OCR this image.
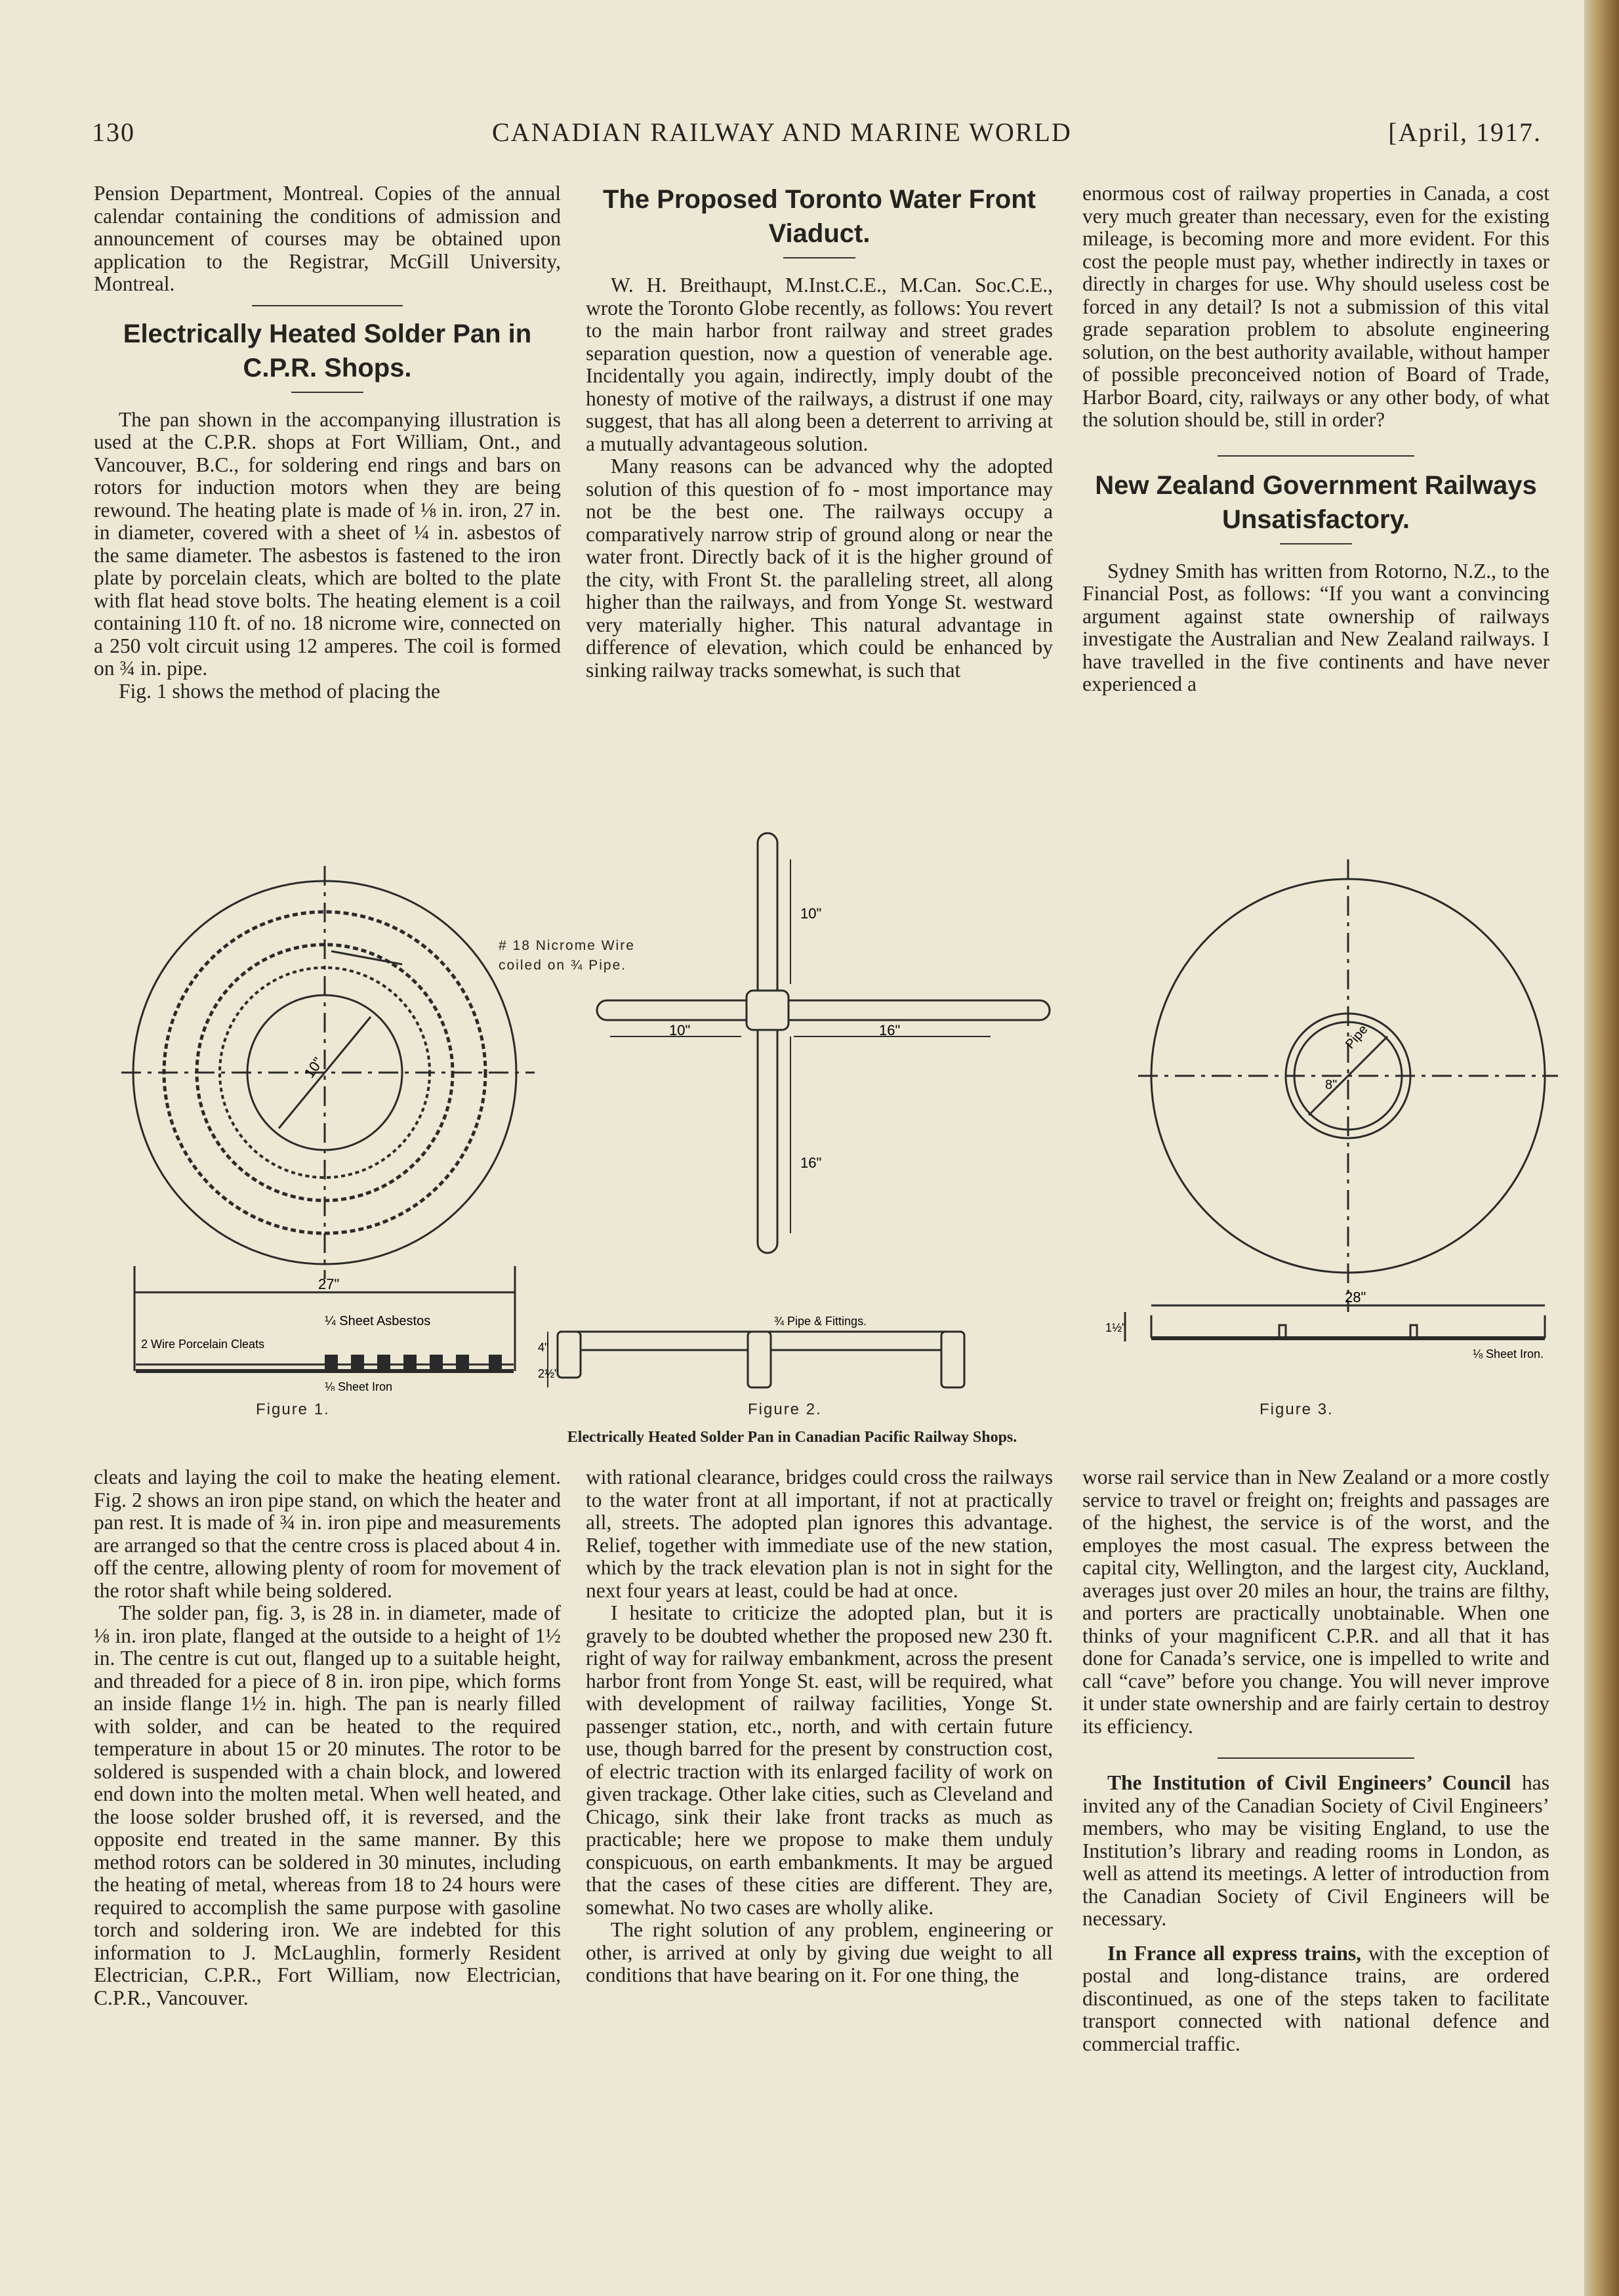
130	CANADIAN RAILWAY AND MARINE WORLD	[April, 1917.

Pension Department, Montreal. Copies of the annual calendar containing the conditions of admission and announcement of courses may be obtained upon application to the Registrar, McGill University, Montreal.

Electrically Heated Solder Pan in C.P.R. Shops.

The pan shown in the accompanying illustration is used at the C.P.R. shops at Fort William, Ont., and Vancouver, B.C., for soldering end rings and bars on rotors for induction motors when they are being rewound. The heating plate is made of ⅛ in. iron, 27 in. in diameter, covered with a sheet of ¼ in. asbestos of the same diameter. The asbestos is fastened to the iron plate by porcelain cleats, which are bolted to the plate with flat head stove bolts. The heating element is a coil containing 110 ft. of no. 18 nicrome wire, connected on a 250 volt circuit using 12 amperes. The coil is formed on ¾ in. pipe.

Fig. 1 shows the method of placing the

The Proposed Toronto Water Front Viaduct.

W. H. Breithaupt, M.Inst.C.E., M.Can. Soc.C.E., wrote the Toronto Globe recently, as follows: You revert to the main harbor front railway and street grades separation question, now a question of venerable age. Incidentally you again, indirectly, imply doubt of the honesty of motive of the railways, a distrust if one may suggest, that has all along been a deterrent to arriving at a mutually advantageous solution.

Many reasons can be advanced why the adopted solution of this question of fo - most importance may not be the best one. The railways occupy a comparatively narrow strip of ground along or near the water front. Directly back of it is the higher ground of the city, with Front St. the paralleling street, all along higher than the railways, and from Yonge St. westward very materially higher. This natural advantage in difference of elevation, which could be enhanced by sinking railway tracks somewhat, is such that

enormous cost of railway properties in Canada, a cost very much greater than necessary, even for the existing mileage, is becoming more and more evident. For this cost the people must pay, whether indirectly in taxes or directly in charges for use. Why should useless cost be forced in any detail? Is not a submission of this vital grade separation problem to absolute engineering solution, on the best authority available, without hamper of possible preconceived notion of Board of Trade, Harbor Board, city, railways or any other body, of what the solution should be, still in order?

New Zealand Government Railways Unsatisfactory.

Sydney Smith has written from Rotorno, N.Z., to the Financial Post, as follows: “If you want a convincing argument against state ownership of railways investigate the Australian and New Zealand railways. I have travelled in the five continents and have never experienced a

10"
27"
¼ Sheet Asbestos
2 Wire Porcelain Cleats
⅛ Sheet Iron
# 18 Nicrome Wire
coiled on ¾ Pipe.
10"
10"	16"
16"
¾ Pipe & Fittings.
4"
2½"
Pipe
8"
28"
1½"
⅛ Sheet Iron.
Figure 1.	Figure 2.	Figure 3.
Electrically Heated Solder Pan in Canadian Pacific Railway Shops.

cleats and laying the coil to make the heating element. Fig. 2 shows an iron pipe stand, on which the heater and pan rest. It is made of ¾ in. iron pipe and measurements are arranged so that the centre cross is placed about 4 in. off the centre, allowing plenty of room for movement of the rotor shaft while being soldered.

The solder pan, fig. 3, is 28 in. in diameter, made of ⅛ in. iron plate, flanged at the outside to a height of 1½ in. The centre is cut out, flanged up to a suitable height, and threaded for a piece of 8 in. iron pipe, which forms an inside flange 1½ in. high. The pan is nearly filled with solder, and can be heated to the required temperature in about 15 or 20 minutes. The rotor to be soldered is suspended with a chain block, and lowered end down into the molten metal. When well heated, and the loose solder brushed off, it is reversed, and the opposite end treated in the same manner. By this method rotors can be soldered in 30 minutes, including the heating of metal, whereas from 18 to 24 hours were required to accomplish the same purpose with gasoline torch and soldering iron. We are indebted for this information to J. McLaughlin, formerly Resident Electrician, C.P.R., Fort William, now Electrician, C.P.R., Vancouver.

with rational clearance, bridges could cross the railways to the water front at all important, if not at practically all, streets. The adopted plan ignores this advantage. Relief, together with immediate use of the new station, which by the track elevation plan is not in sight for the next four years at least, could be had at once.

I hesitate to criticize the adopted plan, but it is gravely to be doubted whether the proposed new 230 ft. right of way for railway embankment, across the present harbor front from Yonge St. east, will be required, what with development of railway facilities, Yonge St. passenger station, etc., north, and with certain future use, though barred for the present by construction cost, of electric traction with its enlarged facility of work on given trackage. Other lake cities, such as Cleveland and Chicago, sink their lake front tracks as much as practicable; here we propose to make them unduly conspicuous, on earth embankments. It may be argued that the cases of these cities are different. They are, somewhat. No two cases are wholly alike.

The right solution of any problem, engineering or other, is arrived at only by giving due weight to all conditions that have bearing on it. For one thing, the

worse rail service than in New Zealand or a more costly service to travel or freight on; freights and passages are of the highest, the service is of the worst, and the employes the most casual. The express between the capital city, Wellington, and the largest city, Auckland, averages just over 20 miles an hour, the trains are filthy, and porters are practically unobtainable. When one thinks of your magnificent C.P.R. and all that it has done for Canada’s service, one is impelled to write and call “cave” before you change. You will never improve it under state ownership and are fairly certain to destroy its efficiency.

The Institution of Civil Engineers’ Council has invited any of the Canadian Society of Civil Engineers’ members, who may be visiting England, to use the Institution’s library and reading rooms in London, as well as attend its meetings. A letter of introduction from the Canadian Society of Civil Engineers will be necessary.

In France all express trains, with the exception of postal and long-distance trains, are ordered discontinued, as one of the steps taken to facilitate transport connected with national defence and commercial traffic.
